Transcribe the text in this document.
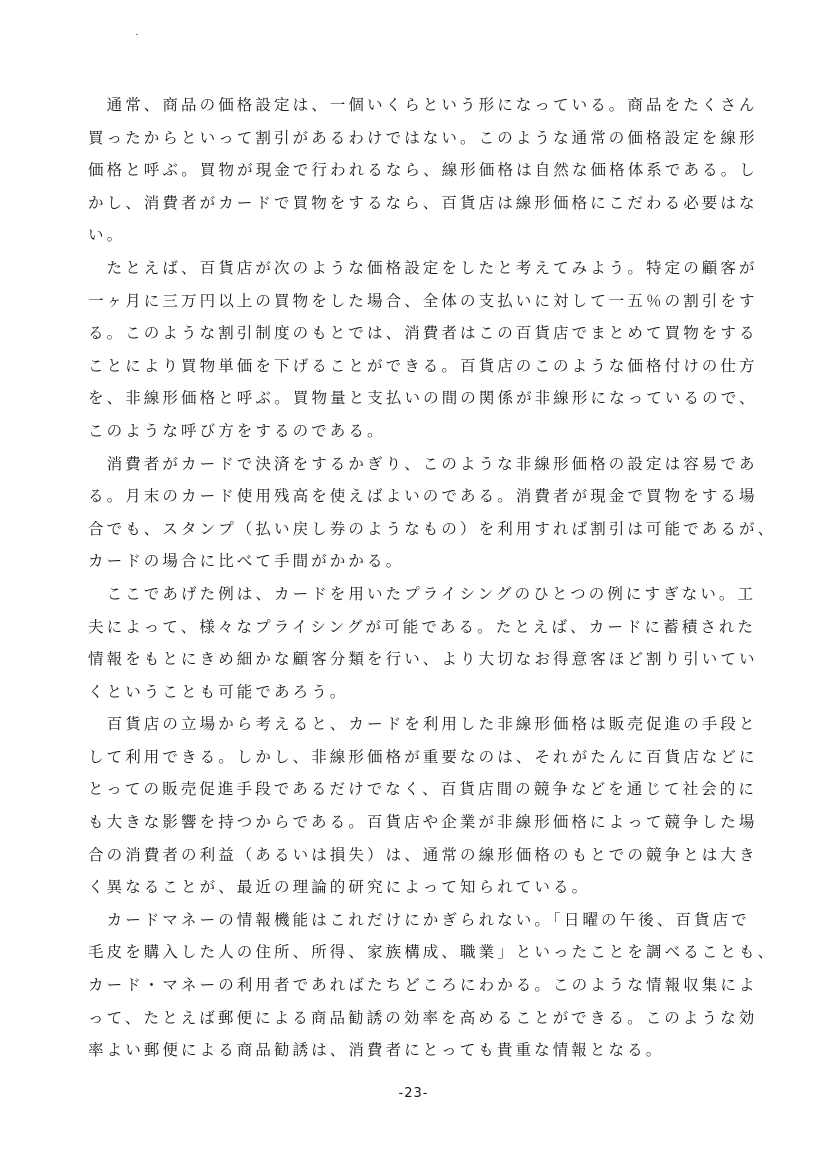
　通常、商品の価格設定は、一個いくらという形になっている。商品をたくさん
買ったからといって割引があるわけではない。このような通常の価格設定を線形
価格と呼ぶ。買物が現金で行われるなら、線形価格は自然な価格体系である。し
かし、消費者がカードで買物をするなら、百貨店は線形価格にこだわる必要はな
い。
　たとえば、百貨店が次のような価格設定をしたと考えてみよう。特定の顧客が
一ヶ月に三万円以上の買物をした場合、全体の支払いに対して一五％の割引をす
る。このような割引制度のもとでは、消費者はこの百貨店でまとめて買物をする
ことにより買物単価を下げることができる。百貨店のこのような価格付けの仕方
を、非線形価格と呼ぶ。買物量と支払いの間の関係が非線形になっているので、
このような呼び方をするのである。
　消費者がカードで決済をするかぎり、このような非線形価格の設定は容易であ
る。月末のカード使用残高を使えばよいのである。消費者が現金で買物をする場
合でも、スタンプ（払い戻し券のようなもの）を利用すれば割引は可能であるが、
カードの場合に比べて手間がかかる。
　ここであげた例は、カードを用いたプライシングのひとつの例にすぎない。工
夫によって、様々なプライシングが可能である。たとえば、カードに蓄積された
情報をもとにきめ細かな顧客分類を行い、より大切なお得意客ほど割り引いてい
くということも可能であろう。
　百貨店の立場から考えると、カードを利用した非線形価格は販売促進の手段と
して利用できる。しかし、非線形価格が重要なのは、それがたんに百貨店などに
とっての販売促進手段であるだけでなく、百貨店間の競争などを通じて社会的に
も大きな影響を持つからである。百貨店や企業が非線形価格によって競争した場
合の消費者の利益（あるいは損失）は、通常の線形価格のもとでの競争とは大き
く異なることが、最近の理論的研究によって知られている。
　カードマネーの情報機能はこれだけにかぎられない。「日曜の午後、百貨店で
毛皮を購入した人の住所、所得、家族構成、職業」といったことを調べることも、
カード・マネーの利用者であればたちどころにわかる。このような情報収集によ
って、たとえば郵便による商品勧誘の効率を高めることができる。このような効
率よい郵便による商品勧誘は、消費者にとっても貴重な情報となる。
-23-
